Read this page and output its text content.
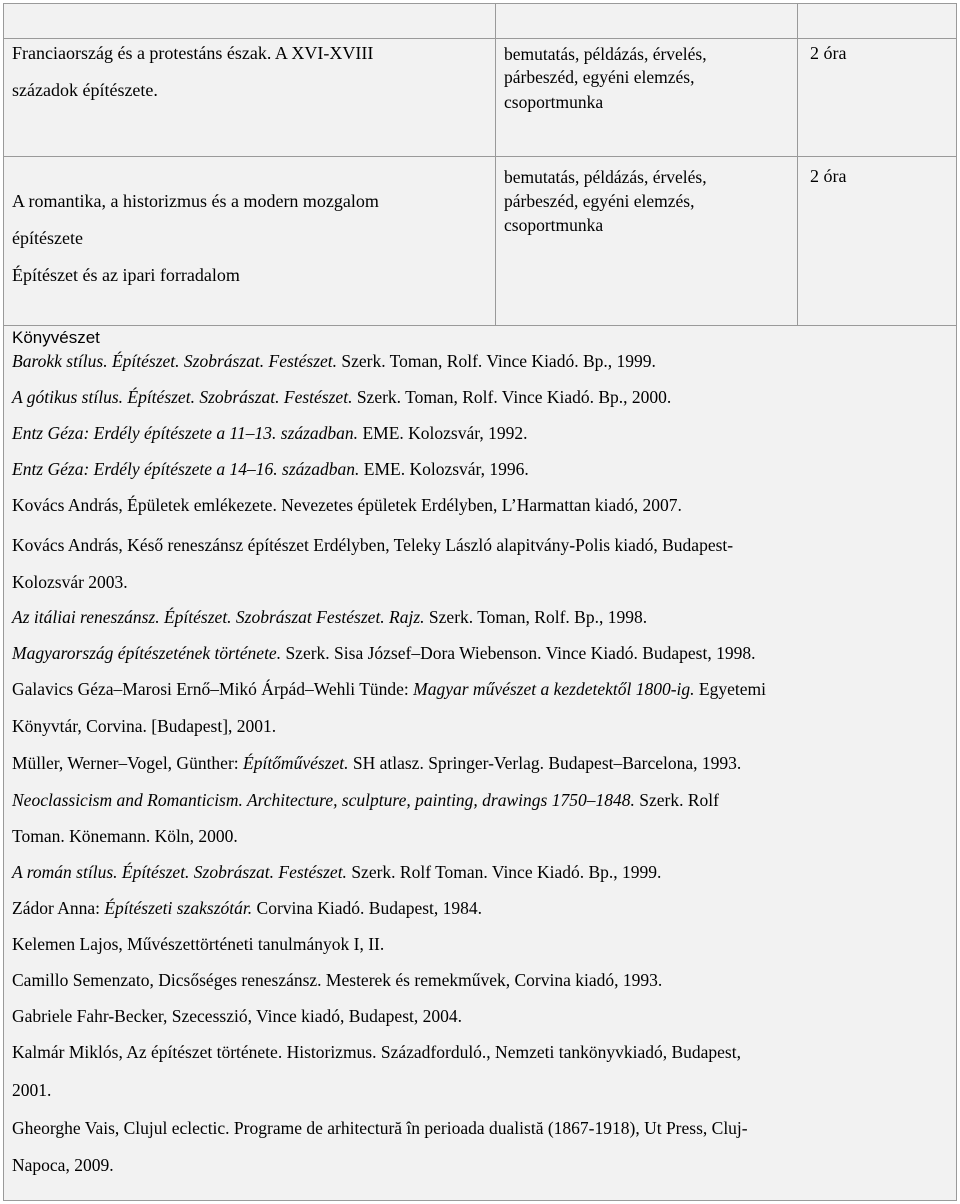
Franciaország és a protestáns észak. A XVI-XVIII
századok építészete.
bemutatás, példázás, érvelés,
párbeszéd, egyéni elemzés,
csoportmunka
2 óra
A romantika, a historizmus és a modern mozgalom
építészete
Építészet és az ipari forradalom
bemutatás, példázás, érvelés,
párbeszéd, egyéni elemzés,
csoportmunka
2 óra
Könyvészet
Barokk stílus. Építészet. Szobrászat. Festészet. Szerk. Toman, Rolf. Vince Kiadó. Bp., 1999.
A gótikus stílus. Építészet. Szobrászat. Festészet. Szerk. Toman, Rolf. Vince Kiadó. Bp., 2000.
Entz Géza: Erdély építészete a 11–13. században. EME. Kolozsvár, 1992.
Entz Géza: Erdély építészete a 14–16. században. EME. Kolozsvár, 1996.
Kovács András, Épületek emlékezete. Nevezetes épületek Erdélyben, L’Harmattan kiadó, 2007.
Kovács András, Késő reneszánsz építészet Erdélyben, Teleky László alapitvány-Polis kiadó, Budapest-
Kolozsvár 2003.
Az itáliai reneszánsz. Építészet. Szobrászat Festészet. Rajz. Szerk. Toman, Rolf. Bp., 1998.
Magyarország építészetének története. Szerk. Sisa József–Dora Wiebenson. Vince Kiadó. Budapest, 1998.
Galavics Géza–Marosi Ernő–Mikó Árpád–Wehli Tünde: Magyar művészet a kezdetektől 1800-ig. Egyetemi
Könyvtár, Corvina. [Budapest], 2001.
Müller, Werner–Vogel, Günther: Építőművészet. SH atlasz. Springer-Verlag. Budapest–Barcelona, 1993.
Neoclassicism and Romanticism. Architecture, sculpture, painting, drawings 1750–1848. Szerk. Rolf
Toman. Könemann. Köln, 2000.
A román stílus. Építészet. Szobrászat. Festészet. Szerk. Rolf Toman. Vince Kiadó. Bp., 1999.
Zádor Anna: Építészeti szakszótár. Corvina Kiadó. Budapest, 1984.
Kelemen Lajos, Művészettörténeti tanulmányok I, II.
Camillo Semenzato, Dicsőséges reneszánsz. Mesterek és remekművek, Corvina kiadó, 1993.
Gabriele Fahr-Becker, Szecesszió, Vince kiadó, Budapest, 2004.
Kalmár Miklós, Az építészet története. Historizmus. Századforduló., Nemzeti tankönyvkiadó, Budapest,
2001.
Gheorghe Vais, Clujul eclectic. Programe de arhitectură în perioada dualistă (1867-1918), Ut Press, Cluj-
Napoca, 2009.
